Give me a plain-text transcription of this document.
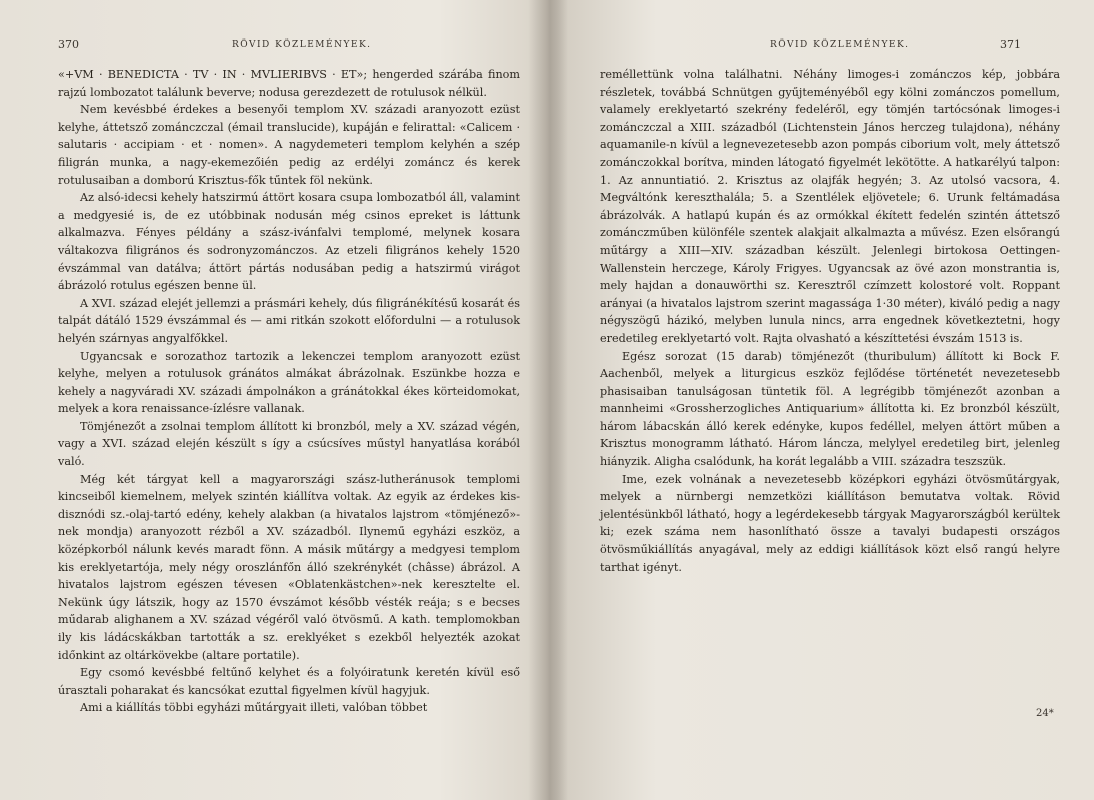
370	RÖVID KÖZLEMÉNYEK.

«+VM · BENEDICTA · TV · IN · MVLIERIBVS · ET»; hengerded szárába finom rajzú lombozatot találunk beverve; nodusa gerezdezett de rotulusok nélkül.

Nem kevésbbé érdekes a besenyői templom XV. századi aranyozott ezüst kelyhe, áttetsző zománczczal (émail translucide), kupáján e felirattal: «Calicem · salutaris · accipiam · et · nomen». A nagydemeteri templom kelyhén a szép filigrán munka, a nagy-ekemezőién pedig az erdélyi zománcz és kerek rotulusaiban a domború Krisztus-fők tűntek föl nekünk.

Az alsó-idecsi kehely hatszirmú áttört kosara csupa lombozatból áll, valamint a medgyesié is, de ez utóbbinak nodusán még csinos epreket is láttunk alkalmazva. Fényes példány a szász-ivánfalvi templomé, melynek kosara váltakozva filigrános és sodronyzománczos. Az etzeli filigrános kehely 1520 évszámmal van datálva; áttört pártás nodusában pedig a hatszirmú virágot ábrázoló rotulus egészen benne ül.

A XVI. század elejét jellemzi a prásmári kehely, dús filigránékítésű kosarát és talpát dátáló 1529 évszámmal és — ami ritkán szokott előfordulni — a rotulusok helyén szárnyas angyalfőkkel.

Ugyancsak e sorozathoz tartozik a lekenczei templom aranyozott ezüst kelyhe, melyen a rotulusok gránátos almákat ábrázolnak. Eszünkbe hozza e kehely a nagyváradi XV. századi ámpolnákon a gránátokkal ékes körteidomokat, melyek a kora renaissance-ízlésre vallanak.

Tömjénezőt a zsolnai templom állított ki bronzból, mely a XV. század végén, vagy a XVI. század elején készült s így a csúcsíves műstyl hanyatlása korából való.

Még két tárgyat kell a magyarországi szász-lutheránusok templomi kincseiből kiemelnem, melyek szintén kiállítva voltak. Az egyik az érdekes kis-disznódi sz.-olaj-tartó edény, kehely alakban (a hivatalos lajstrom «tömjénező»-nek mondja) aranyozott rézből a XV. századból. Ilynemű egyházi eszköz, a középkorból nálunk kevés maradt fönn. A másik műtárgy a medgyesi templom kis ereklyetartója, mely négy oroszlánfőn álló szekrénykét (châsse) ábrázol. A hivatalos lajstrom egészen tévesen «Oblatenkästchen»-nek keresztelte el. Nekünk úgy látszik, hogy az 1570 évszámot később vésték reája; s e becses műdarab alighanem a XV. század végéről való ötvösmű. A kath. templomokban ily kis ládácskákban tartották a sz. ereklyéket s ezekből helyezték azokat időnkint az oltárkövekbe (altare portatile).

Egy csomó kevésbbé feltűnő kelyhet és a folyóiratunk keretén kívül eső úrasztali poharakat és kancsókat ezuttal figyelmen kívül hagyjuk.

Ami a kiállítás többi egyházi műtárgyait illeti, valóban többet

RÖVID KÖZLEMÉNYEK.	371

reméllettünk volna találhatni. Néhány limoges-i zománczos kép, jobbára részletek, továbbá Schnütgen gyűjteményéből egy kölni zománczos pomellum, valamely ereklyetartó szekrény fedeléről, egy tömjén tartócsónak limoges-i zománczczal a XIII. századból (Lichtenstein János herczeg tulajdona), néhány aquamanile-n kívül a legnevezetesebb azon pompás ciborium volt, mely áttetsző zománczokkal borítva, minden látogató figyelmét lekötötte. A hatkarélyú talpon: 1. Az annuntiatió. 2. Krisztus az olajfák hegyén; 3. Az utolsó vacsora, 4. Megváltónk kereszthalála; 5. a Szentlélek eljövetele; 6. Urunk feltámadása ábrázolvák. A hatlapú kupán és az ormókkal ékített fedelén szintén áttetsző zománczműben különféle szentek alakjait alkalmazta a művész. Ezen elsőrangú műtárgy a XIII—XIV. században készült. Jelenlegi birtokosa Oettingen-Wallenstein herczege, Károly Frigyes. Ugyancsak az övé azon monstrantia is, mely hajdan a donauwörthi sz. Keresztről czímzett kolostoré volt. Roppant arányai (a hivatalos lajstrom szerint magassága 1·30 méter), kiváló pedig a nagy négyszögű házikó, melyben lunula nincs, arra engednek következtetni, hogy eredetileg ereklyetartó volt. Rajta olvasható a készíttetési évszám 1513 is.

Egész sorozat (15 darab) tömjénezőt (thuribulum) állított ki Bock F. Aachenből, melyek a liturgicus eszköz fejlődése történetét nevezetesebb phasisaiban tanulságosan tüntetik föl. A legrégibb tömjénezőt azonban a mannheimi «Grossherzogliches Antiquarium» állította ki. Ez bronzból készült, három lábacskán álló kerek edényke, kupos fedéllel, melyen áttört műben a Krisztus monogramm látható. Három láncza, melylyel eredetileg birt, jelenleg hiányzik. Aligha csalódunk, ha korát legalább a VIII. századra teszszük.

Ime, ezek volnának a nevezetesebb középkori egyházi ötvösműtárgyak, melyek a nürnbergi nemzetközi kiállításon bemutatva voltak. Rövid jelentésünkből látható, hogy a legérdekesebb tárgyak Magyarországból kerültek ki; ezek száma nem hasonlítható össze a tavalyi budapesti országos ötvösműkiállítás anyagával, mely az eddigi kiállítások közt első rangú helyre tarthat igényt.

24*
